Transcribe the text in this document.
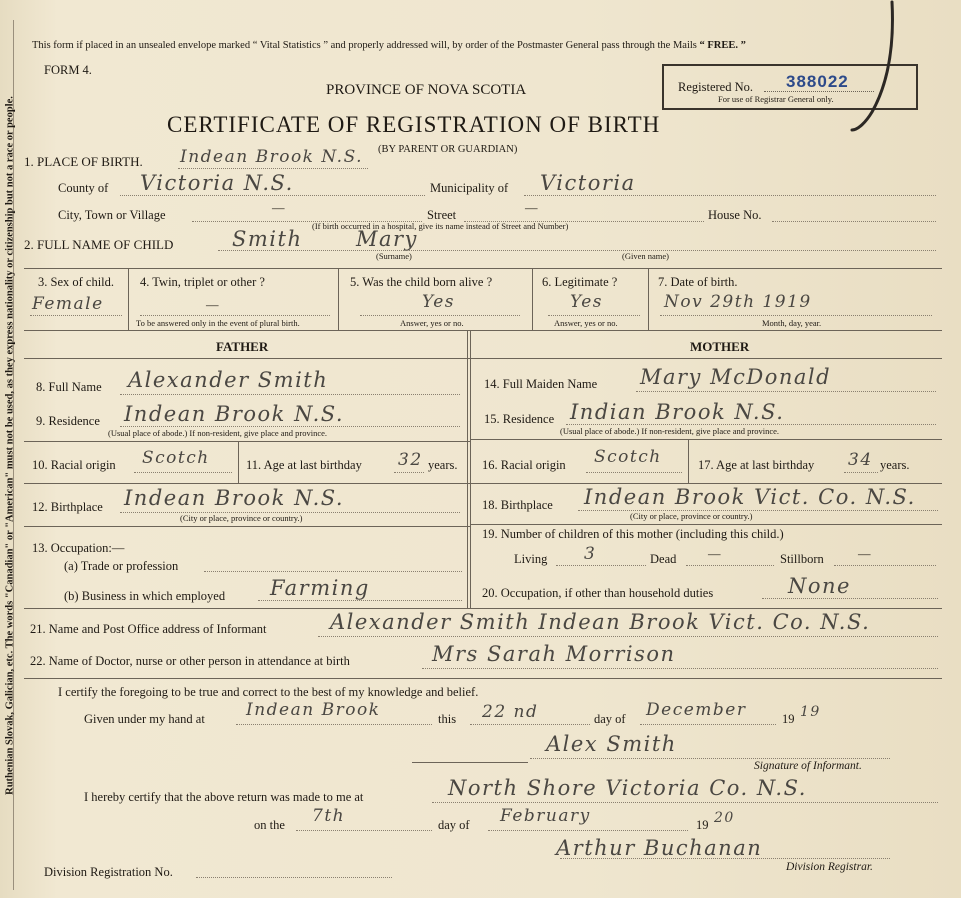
Ruthenian Slovak, Galician, etc. The words "Canadian" or "American" must not be used, as they express nationality or citizenship but not a race or people.
This form if placed in an unsealed envelope marked “ Vital Statistics ” and properly addressed will, by order of the Postmaster General pass through the Mails “ FREE. ”
FORM 4.
PROVINCE OF NOVA SCOTIA	Registered No. 388022
For use of Registrar General only.
CERTIFICATE OF REGISTRATION OF BIRTH
(BY PARENT OR GUARDIAN)
1. PLACE OF BIRTH. Indean Brook N.S.
County of Victoria N.S.	Municipality of Victoria
City, Town or Village	—	Street	—	House No.
(If birth occurred in a hospital, give its name instead of Street and Number)
2. FULL NAME OF CHILD	Smith	Mary
(Surname)	(Given name)
3. Sex of child.
Female
4. Twin, triplet or other ?
—
To be answered only in the event of plural birth.
5. Was the child born alive ?
Yes
Answer, yes or no.
6. Legitimate ?
Yes
Answer, yes or no.
7. Date of birth.
Nov 29th 1919
Month, day, year.
FATHER	MOTHER
8. Full Name Alexander Smith
9. Residence Indean Brook N.S.
(Usual place of abode.) If non-resident, give place and province.
10. Racial origin Scotch	11. Age at last birthday 32 years.
12. Birthplace Indean Brook N.S.
(City or place, province or country.)
13. Occupation:—
(a) Trade or profession
(b) Business in which employed Farming
14. Full Maiden Name Mary McDonald
15. Residence Indian Brook N.S.
(Usual place of abode.) If non-resident, give place and province.
16. Racial origin Scotch	17. Age at last birthday 34 years.
18. Birthplace Indean Brook Vict. Co. N.S.
(City or place, province or country.)
19. Number of children of this mother (including this child.)
Living 3	Dead	—	Stillborn	—
20. Occupation, if other than household duties	None
21. Name and Post Office address of Informant	Alexander Smith Indean Brook Vict. Co. N.S.
22. Name of Doctor, nurse or other person in attendance at birth	Mrs Sarah Morrison
I certify the foregoing to be true and correct to the best of my knowledge and belief.
Given under my hand at Indean Brook	this 22 nd	day of December	19 19
Alex Smith
Signature of Informant.
I hereby certify that the above return was made to me at	North Shore Victoria Co. N.S.
on the 7th	day of February	19 20
Arthur Buchanan
Division Registration No.	Division Registrar.
